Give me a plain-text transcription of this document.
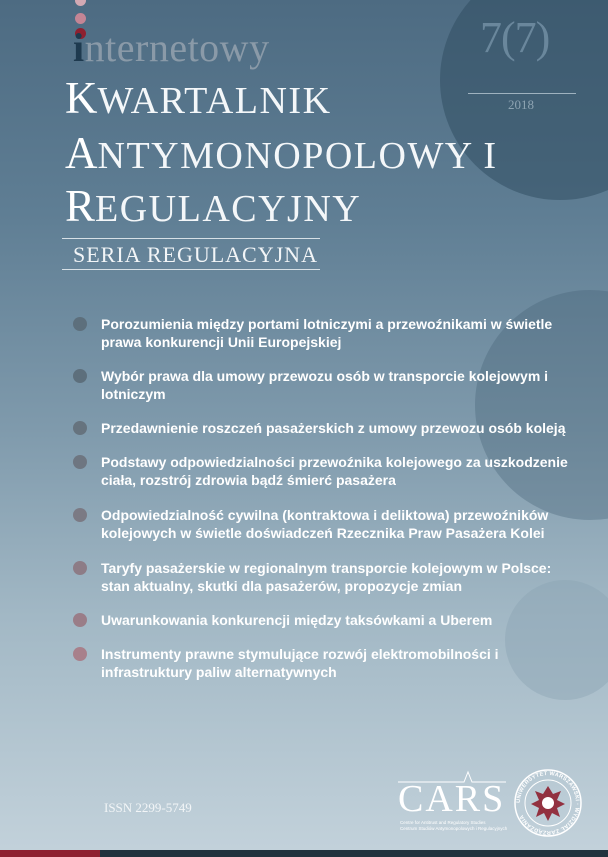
7(7)
2018
internetowy
KWARTALNIK
ANTYMONOPOLOWY I
REGULACYJNY
SERIA REGULACYJNA
Porozumienia między portami lotniczymi a przewoźnikami w świetle prawa konkurencji Unii Europejskiej
Wybór prawa dla umowy przewozu osób w transporcie kolejowym i lotniczym
Przedawnienie roszczeń pasażerskich z umowy przewozu osób koleją
Podstawy odpowiedzialności przewoźnika kolejowego za uszkodzenie ciała, rozstrój zdrowia bądź śmierć pasażera
Odpowiedzialność cywilna (kontraktowa i deliktowa) przewoźników kolejowych w świetle doświadczeń Rzecznika Praw Pasażera Kolei
Taryfy pasażerskie w regionalnym transporcie kolejowym w Polsce: stan aktualny, skutki dla pasażerów, propozycje zmian
Uwarunkowania konkurencji między taksówkami a Uberem
Instrumenty prawne stymulujące rozwój elektromobilności i infrastruktury paliw alternatywnych
ISSN 2299-5749	CARS
Centre for Antitrust and Regulatory Studies
Centrum Studiów Antymonopolowych i Regulacyjnych
UNIWERSYTET WARSZAWSKI · WYDZIAŁ ZARZĄDZANIA
